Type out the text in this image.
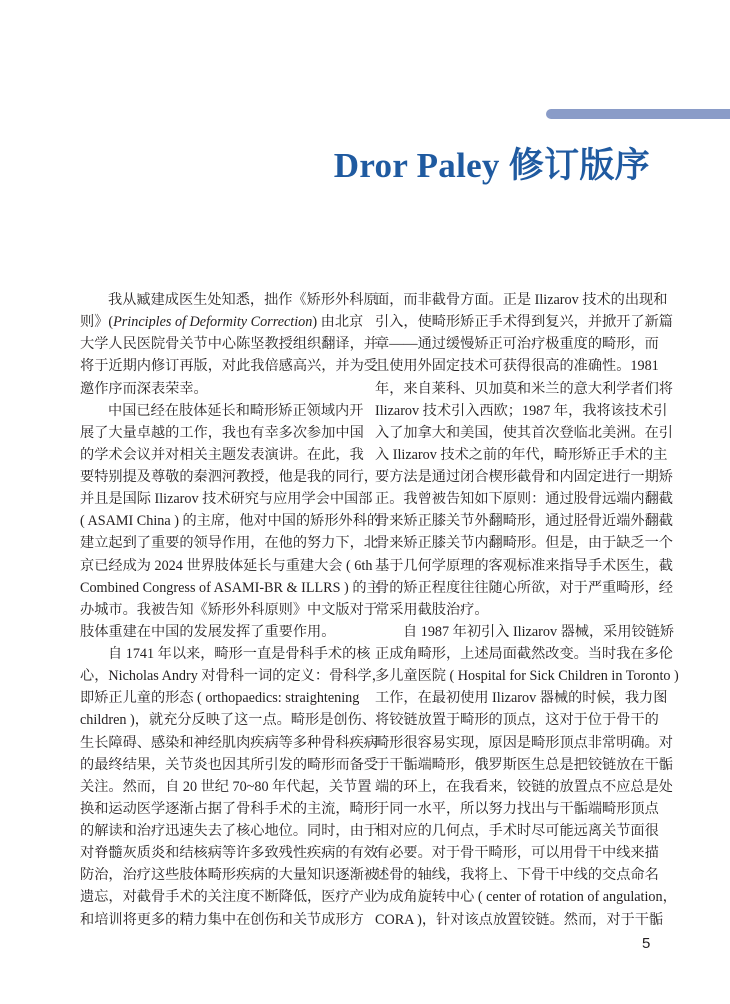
Dror Paley 修订版序
我从臧建成医生处知悉，拙作《矫形外科原
则》(Principles of Deformity Correction) 由北京
大学人民医院骨关节中心陈坚教授组织翻译，并
将于近期内修订再版，对此我倍感高兴，并为受
邀作序而深表荣幸。
中国已经在肢体延长和畸形矫正领域内开
展了大量卓越的工作，我也有幸多次参加中国
的学术会议并对相关主题发表演讲。在此，我
要特别提及尊敬的秦泗河教授，他是我的同行，
并且是国际 Ilizarov 技术研究与应用学会中国部
( ASAMI China ) 的主席，他对中国的矫形外科的
建立起到了重要的领导作用，在他的努力下，北
京已经成为 2024 世界肢体延长与重建大会 ( 6th
Combined Congress of ASAMI-BR & ILLRS ) 的主
办城市。我被告知《矫形外科原则》中文版对于
肢体重建在中国的发展发挥了重要作用。
自 1741 年以来，畸形一直是骨科手术的核
心，Nicholas Andry 对骨科一词的定义：骨科学，
即矫正儿童的形态 ( orthopaedics: straightening
children )，就充分反映了这一点。畸形是创伤、
生长障碍、感染和神经肌肉疾病等多种骨科疾病
的最终结果，关节炎也因其所引发的畸形而备受
关注。然而，自 20 世纪 70~80 年代起，关节置
换和运动医学逐渐占据了骨科手术的主流，畸形
的解读和治疗迅速失去了核心地位。同时，由于
对脊髓灰质炎和结核病等许多致残性疾病的有效
防治，治疗这些肢体畸形疾病的大量知识逐渐被
遗忘，对截骨手术的关注度不断降低，医疗产业
和培训将更多的精力集中在创伤和关节成形方
面，而非截骨方面。正是 Ilizarov 技术的出现和
引入，使畸形矫正手术得到复兴，并掀开了新篇
章——通过缓慢矫正可治疗极重度的畸形，而
且使用外固定技术可获得很高的准确性。1981
年，来自莱科、贝加莫和米兰的意大利学者们将
Ilizarov 技术引入西欧；1987 年，我将该技术引
入了加拿大和美国，使其首次登临北美洲。在引
入 Ilizarov 技术之前的年代，畸形矫正手术的主
要方法是通过闭合楔形截骨和内固定进行一期矫
正。我曾被告知如下原则：通过股骨远端内翻截
骨来矫正膝关节外翻畸形，通过胫骨近端外翻截
骨来矫正膝关节内翻畸形。但是，由于缺乏一个
基于几何学原理的客观标准来指导手术医生，截
骨的矫正程度往往随心所欲，对于严重畸形，经
常采用截肢治疗。
自 1987 年初引入 Ilizarov 器械，采用铰链矫
正成角畸形，上述局面截然改变。当时我在多伦
多儿童医院 ( Hospital for Sick Children in Toronto )
工作，在最初使用 Ilizarov 器械的时候，我力图
将铰链放置于畸形的顶点，这对于位于骨干的
畸形很容易实现，原因是畸形顶点非常明确。对
于干骺端畸形，俄罗斯医生总是把铰链放在干骺
端的环上，在我看来，铰链的放置点不应总是处
于同一水平，所以努力找出与干骺端畸形顶点
相对应的几何点，手术时尽可能远离关节面很
有必要。对于骨干畸形，可以用骨干中线来描
述骨的轴线，我将上、下骨干中线的交点命名
为成角旋转中心 ( center of rotation of angulation，
CORA )，针对该点放置铰链。然而，对于干骺
5
